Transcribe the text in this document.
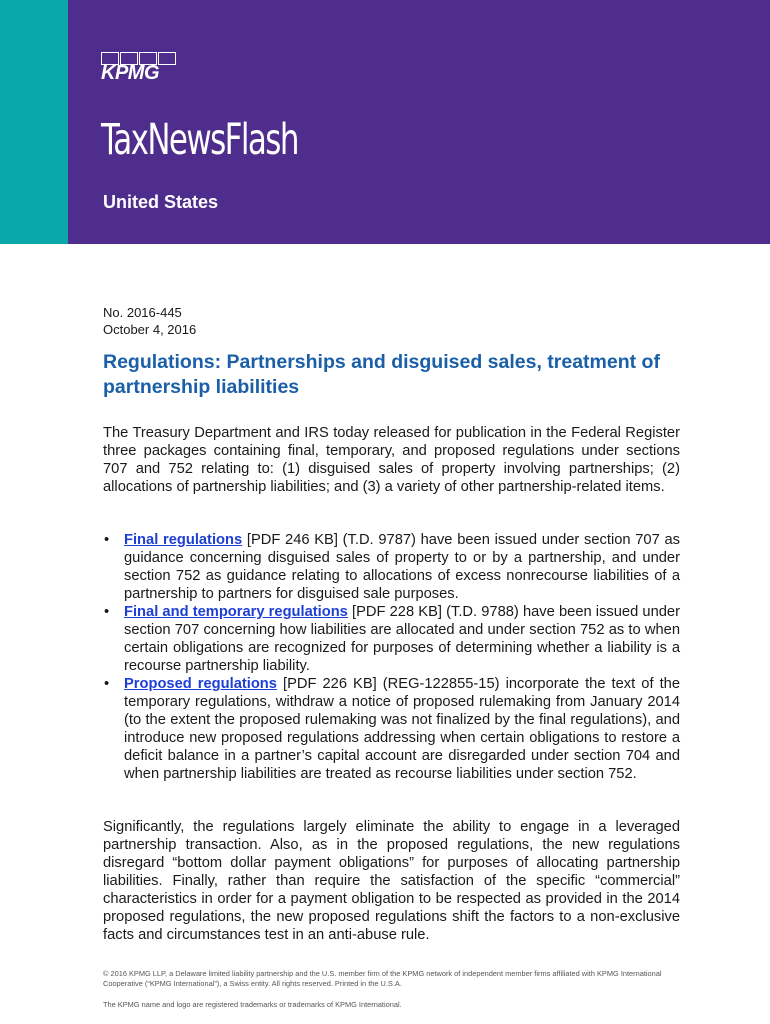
KPMG
TaxNewsFlash
United States
No. 2016-445
October 4, 2016
Regulations: Partnerships and disguised sales, treatment of partnership liabilities
The Treasury Department and IRS today released for publication in the Federal Register three packages containing final, temporary, and proposed regulations under sections 707 and 752 relating to: (1) disguised sales of property involving partnerships; (2) allocations of partnership liabilities; and (3) a variety of other partnership-related items.
• Final regulations [PDF 246 KB] (T.D. 9787) have been issued under section 707 as guidance concerning disguised sales of property to or by a partnership, and under section 752 as guidance relating to allocations of excess nonrecourse liabilities of a partnership to partners for disguised sale purposes.
• Final and temporary regulations [PDF 228 KB] (T.D. 9788) have been issued under section 707 concerning how liabilities are allocated and under section 752 as to when certain obligations are recognized for purposes of determining whether a liability is a recourse partnership liability.
• Proposed regulations [PDF 226 KB] (REG-122855-15) incorporate the text of the temporary regulations, withdraw a notice of proposed rulemaking from January 2014 (to the extent the proposed rulemaking was not finalized by the final regulations), and introduce new proposed regulations addressing when certain obligations to restore a deficit balance in a partner’s capital account are disregarded under section 704 and when partnership liabilities are treated as recourse liabilities under section 752.
Significantly, the regulations largely eliminate the ability to engage in a leveraged partnership transaction. Also, as in the proposed regulations, the new regulations disregard “bottom dollar payment obligations” for purposes of allocating partnership liabilities. Finally, rather than require the satisfaction of the specific “commercial” characteristics in order for a payment obligation to be respected as provided in the 2014 proposed regulations, the new proposed regulations shift the factors to a non-exclusive facts and circumstances test in an anti-abuse rule.
© 2016 KPMG LLP, a Delaware limited liability partnership and the U.S. member firm of the KPMG network of independent member firms affiliated with KPMG International Cooperative (“KPMG International”), a Swiss entity. All rights reserved. Printed in the U.S.A.
The KPMG name and logo are registered trademarks or trademarks of KPMG International.
